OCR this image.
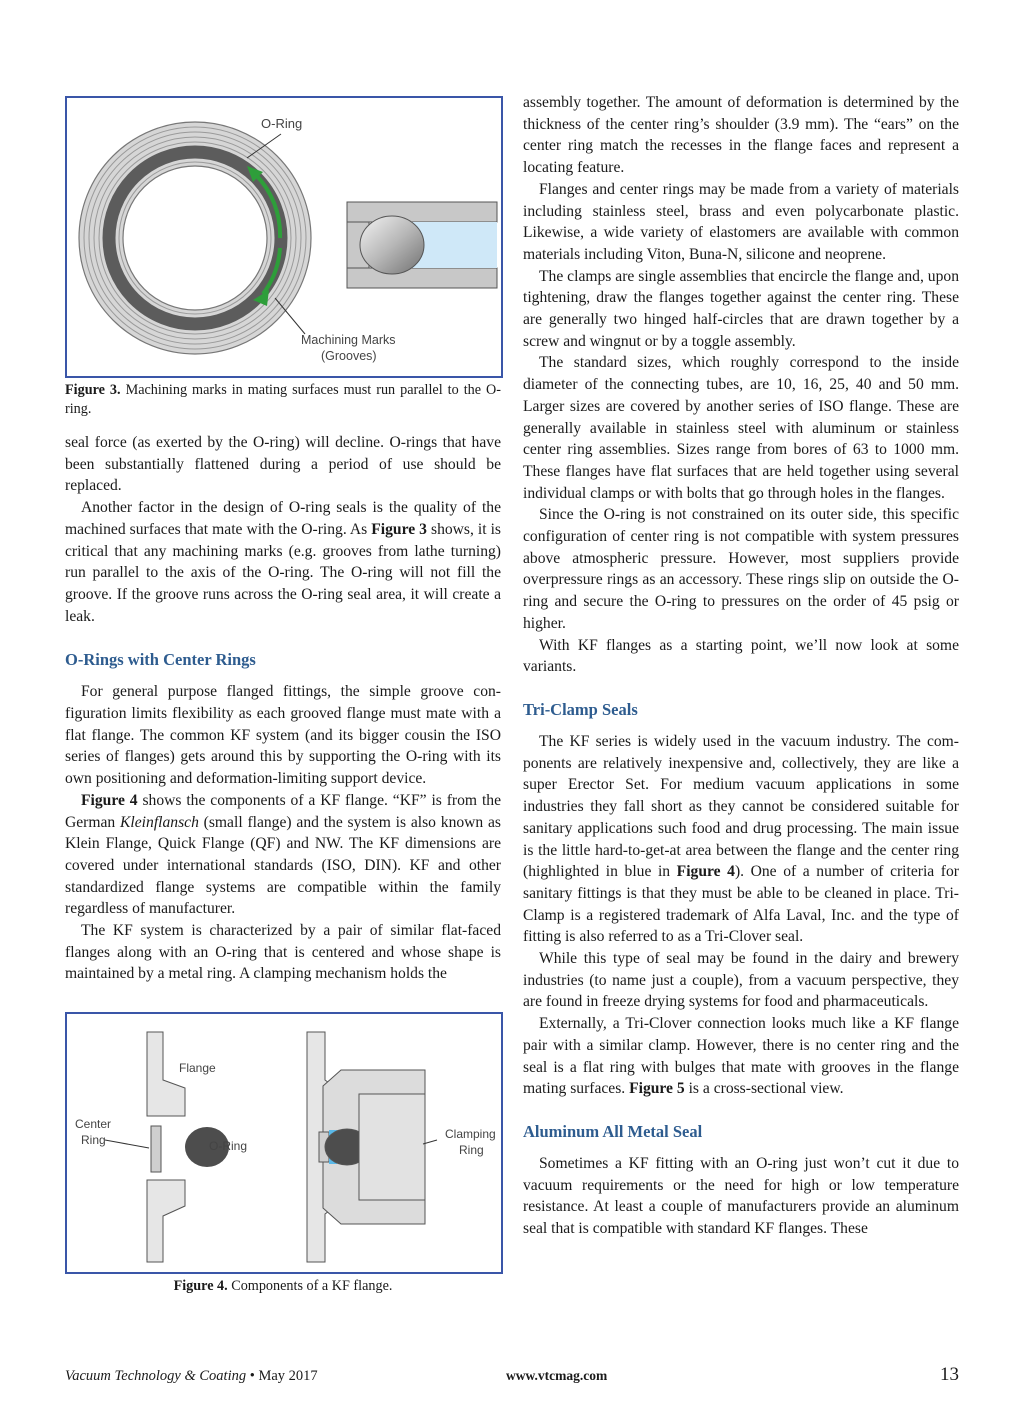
O-Ring
Machining Marks
(Grooves)

Figure 3. Machining marks in mating surfaces must run parallel to the O-ring.

seal force (as exerted by the O-ring) will decline. O-rings that have been substantially flattened during a period of use should be replaced.

Another factor in the design of O-ring seals is the quality of the machined surfaces that mate with the O-ring. As Figure 3 shows, it is critical that any machining marks (e.g. grooves from lathe turning) run parallel to the axis of the O-ring. The O-ring will not fill the groove. If the groove runs across the O-ring seal area, it will create a leak.

O-Rings with Center Rings

For general purpose flanged fittings, the simple groove configuration limits flexibility as each grooved flange must mate with a flat flange. The common KF system (and its bigger cousin the ISO series of flanges) gets around this by supporting the O-ring with its own positioning and deformation-limiting support device.

Figure 4 shows the components of a KF flange. “KF” is from the German Kleinflansch (small flange) and the system is also known as Klein Flange, Quick Flange (QF) and NW. The KF dimensions are covered under international standards (ISO, DIN). KF and other standardized flange systems are compatible within the family regardless of manufacturer.

The KF system is characterized by a pair of similar flat-faced flanges along with an O-ring that is centered and whose shape is maintained by a metal ring. A clamping mechanism holds the

Flange
Center
Ring	O-Ring
Clamping
Ring

Figure 4. Components of a KF flange.

assembly together. The amount of deformation is determined by the thickness of the center ring’s shoulder (3.9 mm). The “ears” on the center ring match the recesses in the flange faces and represent a locating feature.

Flanges and center rings may be made from a variety of materials including stainless steel, brass and even polycarbonate plastic. Likewise, a wide variety of elastomers are available with common materials including Viton, Buna-N, silicone and neoprene.

The clamps are single assemblies that encircle the flange and, upon tightening, draw the flanges together against the center ring. These are generally two hinged half-circles that are drawn together by a screw and wingnut or by a toggle assembly.

The standard sizes, which roughly correspond to the inside diameter of the connecting tubes, are 10, 16, 25, 40 and 50 mm. Larger sizes are covered by another series of ISO flange. These are generally available in stainless steel with aluminum or stainless center ring assemblies. Sizes range from bores of 63 to 1000 mm. These flanges have flat surfaces that are held together using several individual clamps or with bolts that go through holes in the flanges.

Since the O-ring is not constrained on its outer side, this specific configuration of center ring is not compatible with system pressures above atmospheric pressure. However, most suppliers provide overpressure rings as an accessory. These rings slip on outside the O-ring and secure the O-ring to pressures on the order of 45 psig or higher.

With KF flanges as a starting point, we’ll now look at some variants.

Tri-Clamp Seals

The KF series is widely used in the vacuum industry. The components are relatively inexpensive and, collectively, they are like a super Erector Set. For medium vacuum applications in some industries they fall short as they cannot be considered suitable for sanitary applications such food and drug processing. The main issue is the little hard-to-get-at area between the flange and the center ring (highlighted in blue in Figure 4). One of a number of criteria for sanitary fittings is that they must be able to be cleaned in place. Tri-Clamp is a registered trademark of Alfa Laval, Inc. and the type of fitting is also referred to as a Tri-Clover seal.

While this type of seal may be found in the dairy and brewery industries (to name just a couple), from a vacuum perspective, they are found in freeze drying systems for food and pharmaceuticals.

Externally, a Tri-Clover connection looks much like a KF flange pair with a similar clamp. However, there is no center ring and the seal is a flat ring with bulges that mate with grooves in the flange mating surfaces. Figure 5 is a cross-sectional view.

Aluminum All Metal Seal

Sometimes a KF fitting with an O-ring just won’t cut it due to vacuum requirements or the need for high or low temperature resistance. At least a couple of manufacturers provide an aluminum seal that is compatible with standard KF flanges. These

Vacuum Technology & Coating • May 2017	www.vtcmag.com	13
